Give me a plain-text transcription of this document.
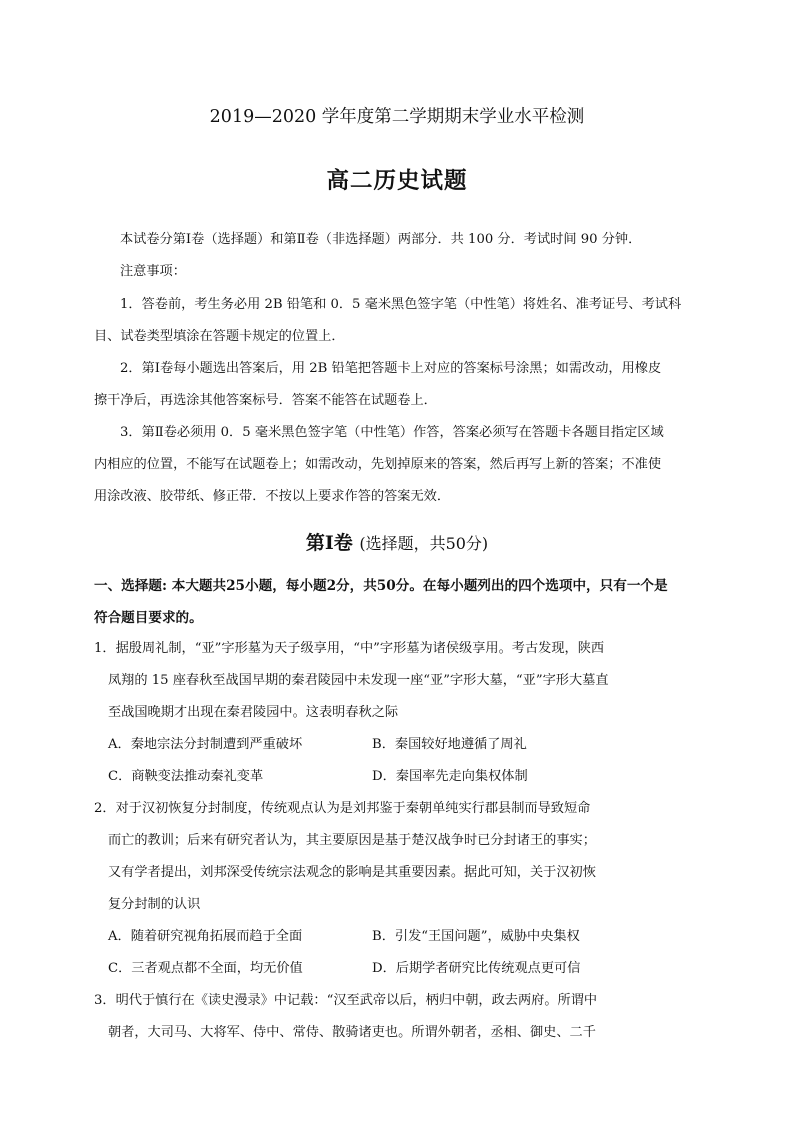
2019—2020 学年度第二学期期末学业水平检测
高二历史试题
本试卷分第Ⅰ卷（选择题）和第Ⅱ卷（非选择题）两部分．共 100 分．考试时间 90 分钟．
注意事项：
1．答卷前，考生务必用 2B 铅笔和 0．5 毫米黑色签字笔（中性笔）将姓名、准考证号、考试科
目、试卷类型填涂在答题卡规定的位置上．
2．第Ⅰ卷每小题选出答案后，用 2B 铅笔把答题卡上对应的答案标号涂黑；如需改动，用橡皮
擦干净后，再选涂其他答案标号．答案不能答在试题卷上．
3．第Ⅱ卷必须用 0．5 毫米黑色签字笔（中性笔）作答，答案必须写在答题卡各题目指定区域
内相应的位置，不能写在试题卷上；如需改动，先划掉原来的答案，然后再写上新的答案；不准使
用涂改液、胶带纸、修正带．不按以上要求作答的答案无效．
第Ⅰ卷 (选择题，共50分)
一、选择题: 本大题共25小题，每小题2分，共50分。在每小题列出的四个选项中，只有一个是
符合题目要求的。
1．据殷周礼制，“亚”字形墓为天子级享用，“中”字形墓为诸侯级享用。考古发现，陕西
凤翔的 15 座春秋至战国早期的秦君陵园中未发现一座“亚”字形大墓，“亚”字形大墓直
至战国晚期才出现在秦君陵园中。这表明春秋之际
A．秦地宗法分封制遭到严重破坏	B．秦国较好地遵循了周礼
C．商鞅变法推动秦礼变革	D．秦国率先走向集权体制
2．对于汉初恢复分封制度，传统观点认为是刘邦鉴于秦朝单纯实行郡县制而导致短命
而亡的教训；后来有研究者认为，其主要原因是基于楚汉战争时已分封诸王的事实；
又有学者提出，刘邦深受传统宗法观念的影响是其重要因素。据此可知，关于汉初恢
复分封制的认识
A．随着研究视角拓展而趋于全面	B．引发“王国问题”，威胁中央集权
C．三者观点都不全面，均无价值	D．后期学者研究比传统观点更可信
3．明代于慎行在《读史漫录》中记载：“汉至武帝以后，柄归中朝，政去两府。所谓中
朝者，大司马、大将军、侍中、常侍、散骑诸吏也。所谓外朝者，丞相、御史、二千
